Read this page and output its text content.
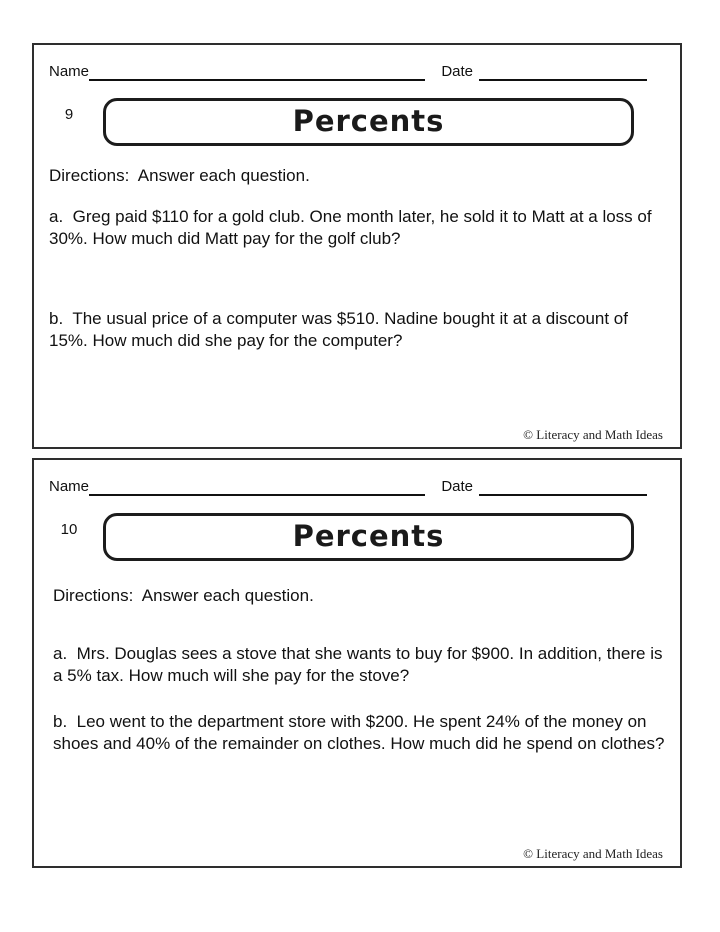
Name	Date
9	Percents

Directions:  Answer each question.

a.  Greg paid $110 for a gold club. One month later, he sold it to Matt at a loss of 30%. How much did Matt pay for the golf club?

b.  The usual price of a computer was $510. Nadine bought it at a discount of 15%. How much did she pay for the computer?

© Literacy and Math Ideas
Name	Date
10	Percents

Directions:  Answer each question.

a.  Mrs. Douglas sees a stove that she wants to buy for $900. In addition, there is a 5% tax. How much will she pay for the stove?

b.  Leo went to the department store with $200. He spent 24% of the money on shoes and 40% of the remainder on clothes. How much did he spend on clothes?

© Literacy and Math Ideas
